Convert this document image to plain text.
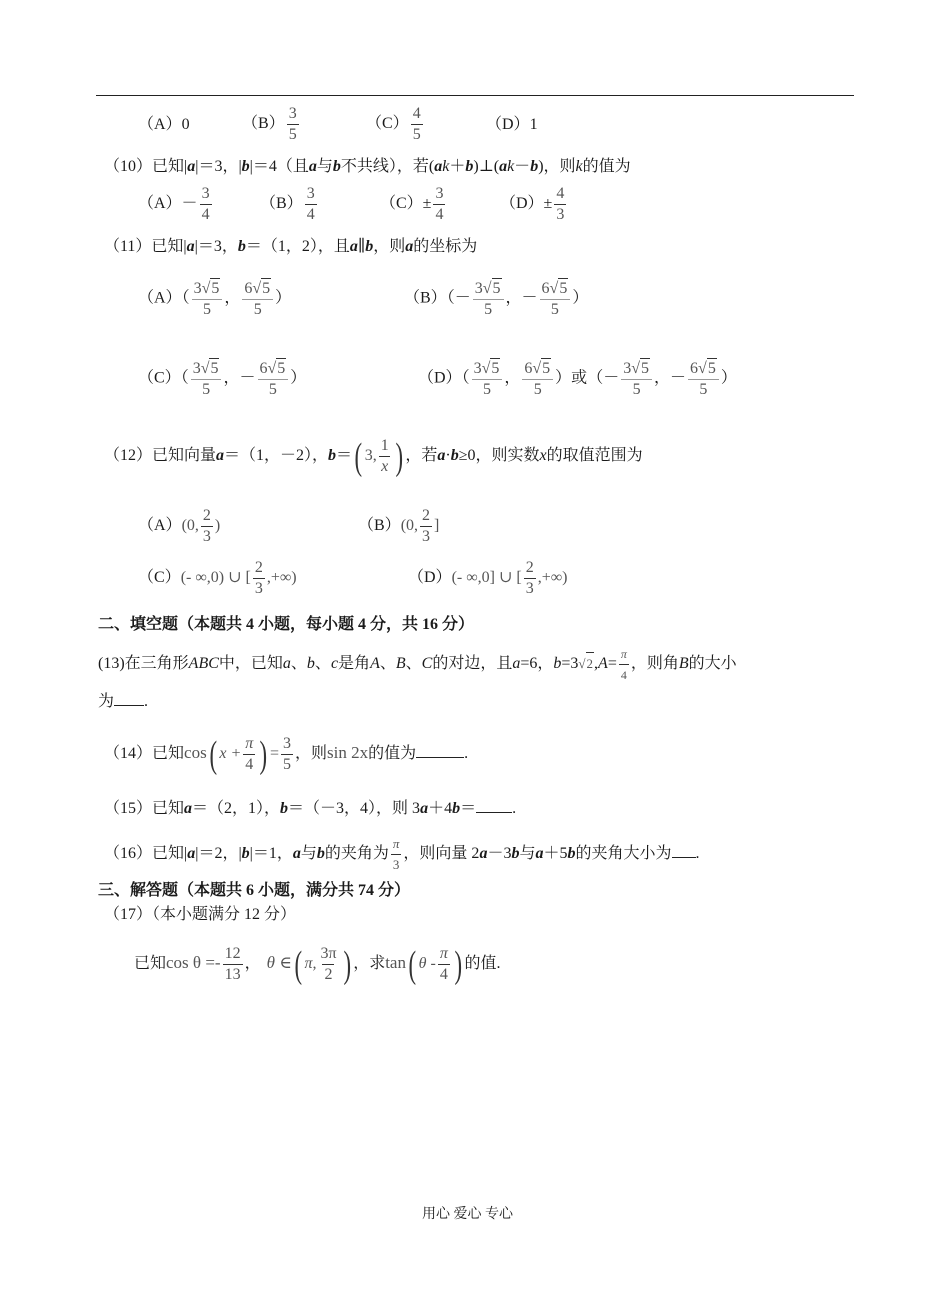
（A）0	$(B) \frac{3}{5}$	$(C) \frac{4}{5}$	（D）1
（10）已知|a|＝3，|b|＝4（且a与b不共线），若(ak＋b)⊥(ak－b)，则k的值为
$(A)- \frac{3}{4}$	$(B) \frac{3}{4}$	$(C)\pm \frac{3}{4}$	$(D)\pm \frac{4}{3}$
（11）已知|a|＝3，b＝（1，2），且a∥b，则a的坐标为
$(A)( \frac{3√5}{5}$ ， $\frac{6√5}{5}$ ）	$(B)(- \frac{3√5}{5}$ ，－ $\frac{6√5}{5}$ ）
$(C)( \frac{3√5}{5}$ ，－ $\frac{6√5}{5}$ ）	$(D)( \frac{3√5}{5}$ ， $\frac{6√5}{5}$ ）或（－ $\frac{3√5}{5}$ ，－ $\frac{6√5}{5}$ ）
（12）已知向量a＝（1，－2），b＝( 3, $\frac{1}{x}$ ) ，若a·b≥0，则实数x的取值范围为
（A）(0, $\frac{2}{3}$ )	（B）(0, $\frac{2}{3}$ ]
（C）(- ∞,0) ∪ [ $\frac{2}{3}$ ,+∞)	（D）(- ∞,0] ∪ [ $\frac{2}{3}$ ,+∞)
二、填空题（本题共 4 小题，每小题 4 分，共 16 分）
(13)在三角形ABC中，已知a、b、c是角A、B、C的对边，且a=6，$b=3√2,A= \frac{\pi}{4}$ ，则角B的大小
为 .
（14）已知cos( $x + \frac{\pi}{4}$ ) = $\frac{3}{5}$ ，则sin 2x的值为	.
（15）已知a＝（2，1），b＝（－3，4），则 3a＋4b＝ .
（16）已知|a|＝2，|b|＝1，a与b的夹角为 $\frac{\pi}{3}$ ，则向量 2a－3b与a＋5b的夹角大小为 .
三、解答题（本题共 6 小题，满分共 74 分）
（17）（本小题满分 12 分）
已知$\cos \theta =- \frac{12}{13}$ ， θ ∈( π, $\frac{3\pi}{2}$ ) ，求tan( θ - $\frac{\pi}{4}$ ) 的值.
用心 爱心 专心
